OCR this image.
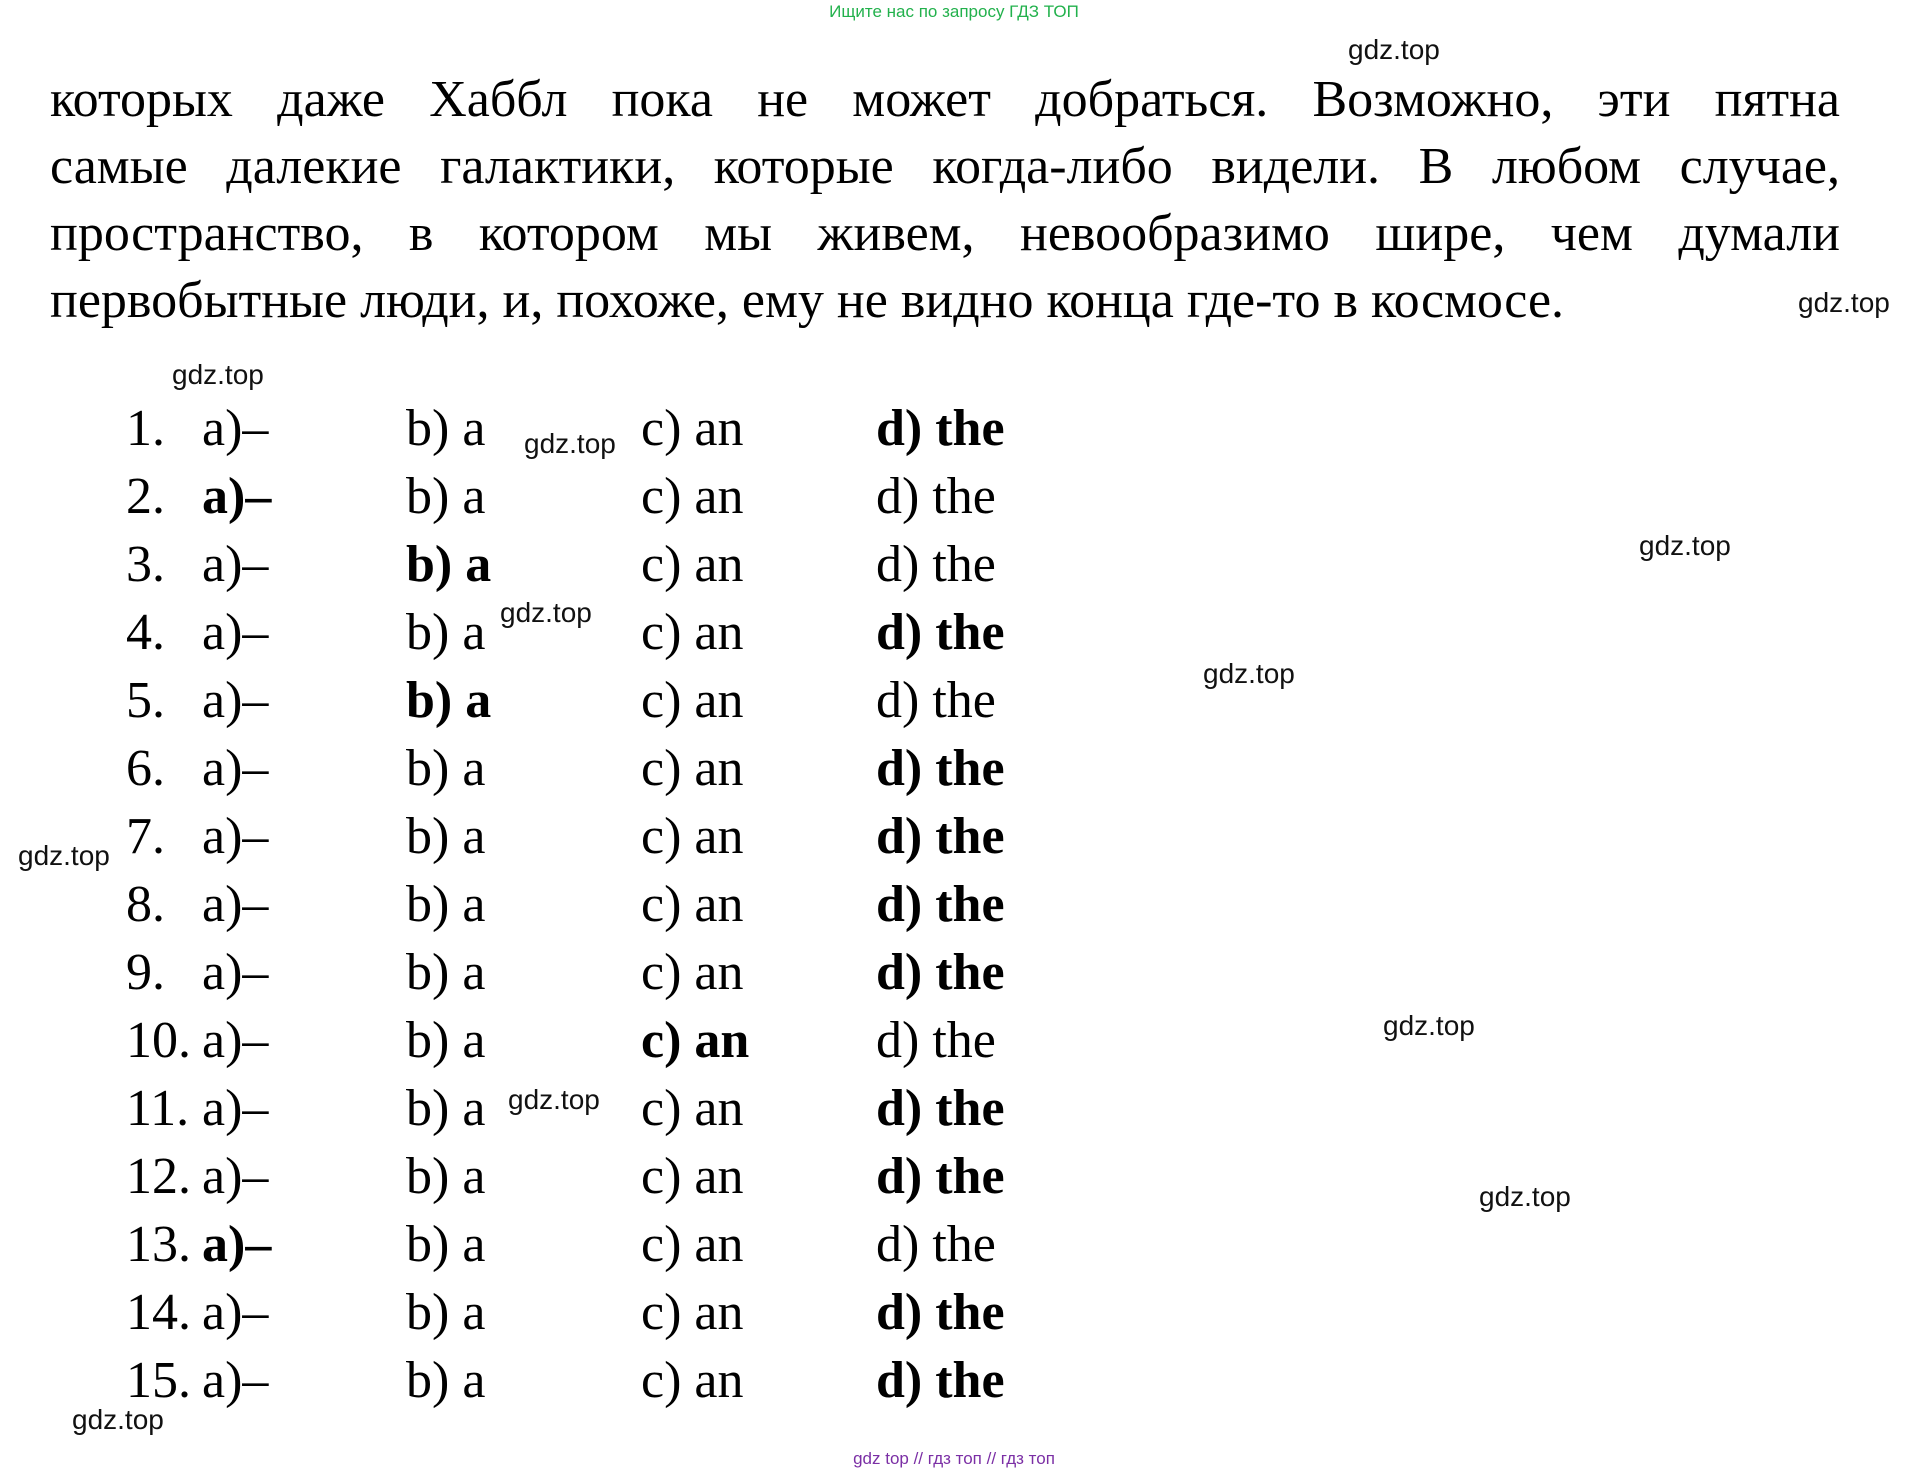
Ищите нас по запросу ГДЗ ТОП
которых даже Хаббл пока не может добраться. Возможно, эти пятна
самые далекие галактики, которые когда-либо видели. В любом случае,
пространство, в котором мы живем, невообразимо шире, чем думали
первобытные люди, и, похоже, ему не видно конца где-то в космосе.
1. a)–	b) a	c) an	d) the
2. a)–	b) a	c) an	d) the
3. a)–	b) a	c) an	d) the
4. a)–	b) a	c) an	d) the
5. a)–	b) a	c) an	d) the
6. a)–	b) a	c) an	d) the
7. a)–	b) a	c) an	d) the
8. a)–	b) a	c) an	d) the
9. a)–	b) a	c) an	d) the
10. a)–	b) a	c) an d) the
11. a)–	b) a	c) an	d) the
12. a)–	b) a	c) an	d) the
13. a)–	b) a	c) an	d) the
14. a)–	b) a	c) an	d) the
15. a)–	b) a	c) an	d) the
gdz.top
gdz.top
gdz.top
gdz.top
gdz.top
gdz.top
gdz.top
gdz.top
gdz.top
gdz.top
gdz.top
gdz.top
gdz top // гдз топ // гдз топ
